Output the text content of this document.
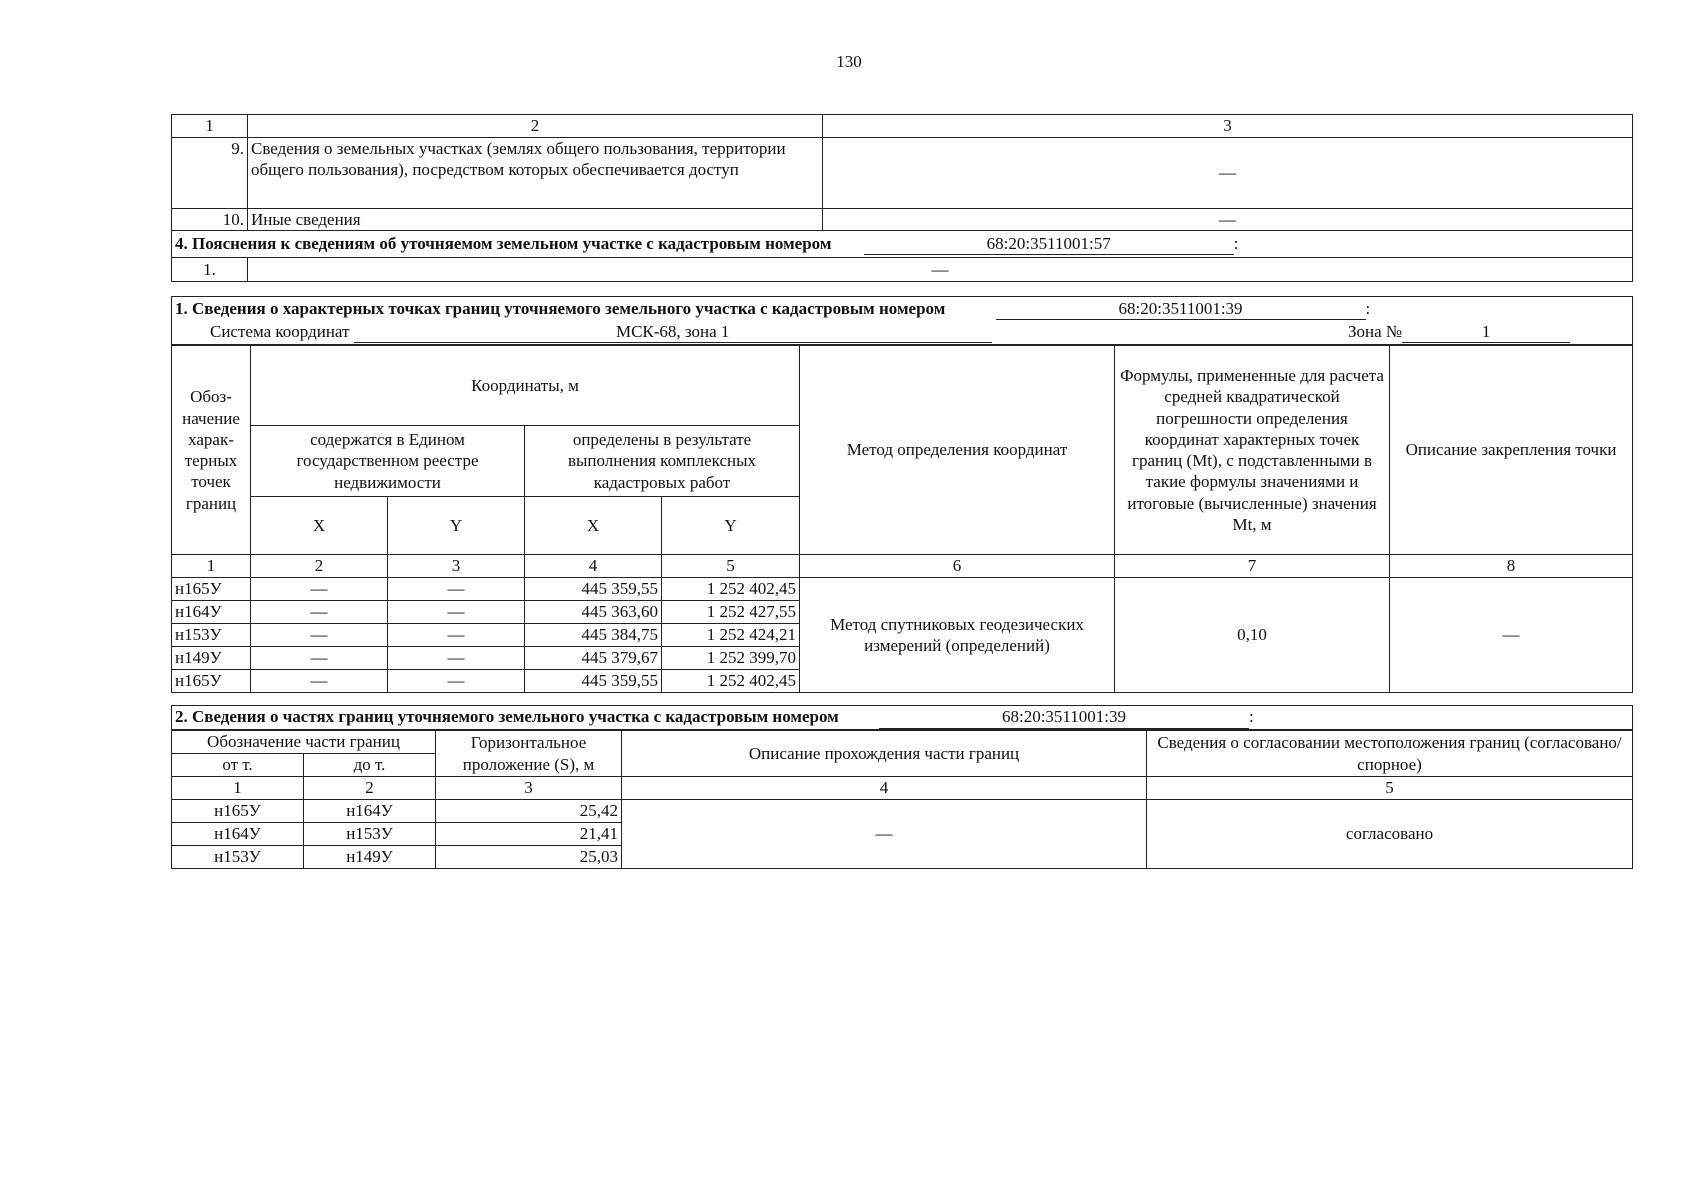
130
1	2	3
9.	Сведения о земельных участках (землях общего пользования, территории общего пользования), посредством которых обеспечивается доступ	—
10.	Иные сведения	—
4. Пояснения к сведениям об уточняемом земельном участке с кадастровым номером 68:20:3511001:57 :		
1.	—	
1. Сведения о характерных точках границ уточняемого земельного участка с кадастровым номером	68:20:3511001:39	:
Система координат	МСК-68, зона 1	Зона №	1
Обоз-начение харак-терных точек границ	Координаты, м				Метод определения координат	Формулы, примененные для расчета средней квадратической погрешности определения координат характерных точек границ (Mt), с подставленными в такие формулы значениями и итоговые (вычисленные) значения Mt, м	Описание закрепления точки
	содержатся в Едином государственном реестре недвижимости		определены в результате выполнения комплексных кадастровых работ				
	X	Y	X	Y			
1	2	3	4	5	6	7	8
н165У	—	—	445 359,55	1 252 402,45	Метод спутниковых геодезических измерений (определений)	0,10	—
н164У	—	—	445 363,60	1 252 427,55			
н153У	—	—	445 384,75	1 252 424,21			
н149У	—	—	445 379,67	1 252 399,70			
н165У	—	—	445 359,55	1 252 402,45			
2. Сведения о частях границ уточняемого земельного участка с кадастровым номером	68:20:3511001:39	:
Обозначение части границ		Горизонтальное проложение (S), м	Описание прохождения части границ	Сведения о согласовании местоположения границ (согласовано/спорное)
от т.	до т.			
1	2	3	4	5
н165У	н164У	25,42	—	согласовано
н164У	н153У	21,41		
н153У	н149У	25,03		
